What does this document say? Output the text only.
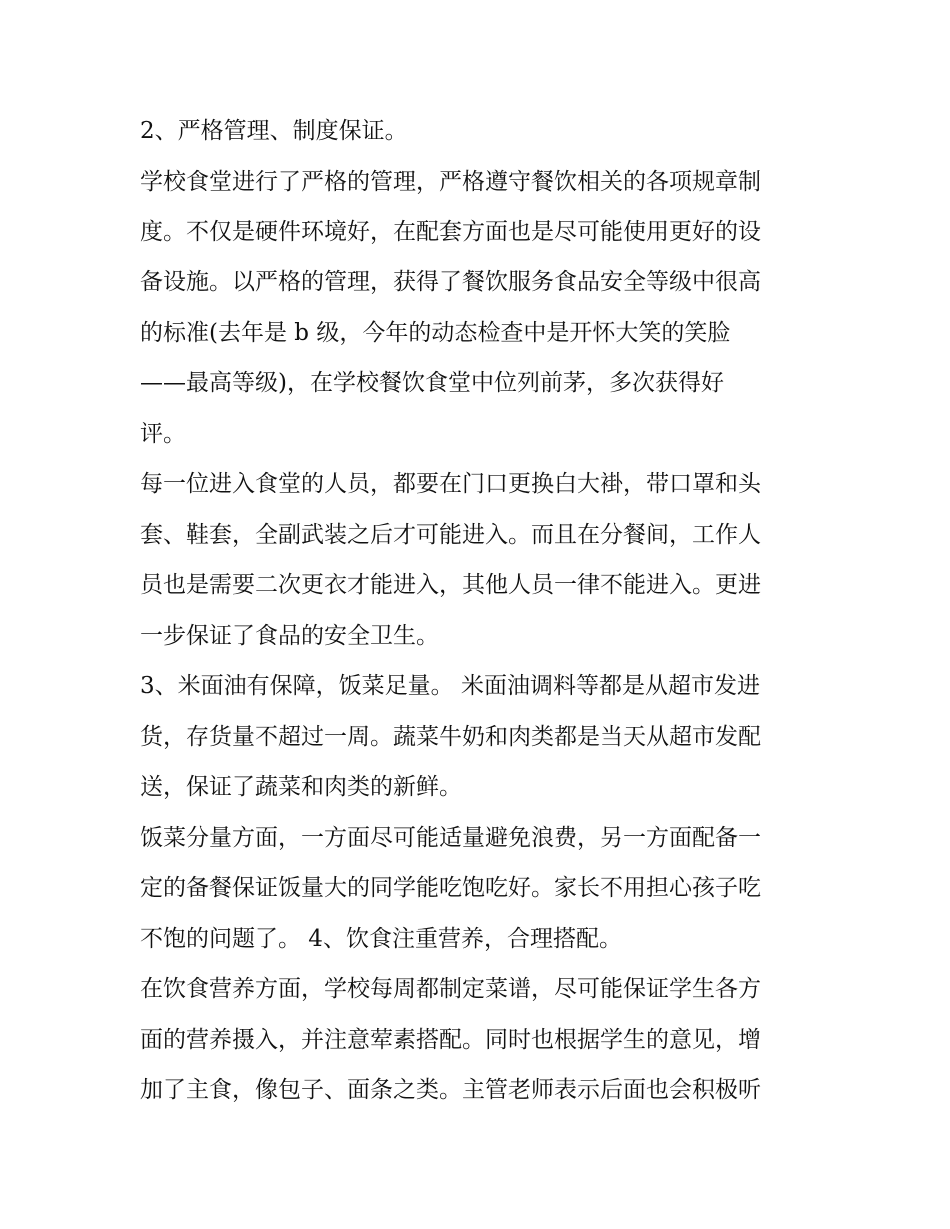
2、严格管理、制度保证。

学校食堂进行了严格的管理，严格遵守餐饮相关的各项规章制

度。不仅是硬件环境好，在配套方面也是尽可能使用更好的设

备设施。以严格的管理，获得了餐饮服务食品安全等级中很高

的标准(去年是 b 级，今年的动态检查中是开怀大笑的笑脸

——最高等级)，在学校餐饮食堂中位列前茅，多次获得好

评。

每一位进入食堂的人员，都要在门口更换白大褂，带口罩和头

套、鞋套，全副武装之后才可能进入。而且在分餐间，工作人

员也是需要二次更衣才能进入，其他人员一律不能进入。更进

一步保证了食品的安全卫生。

3、米面油有保障，饭菜足量。 米面油调料等都是从超市发进

货，存货量不超过一周。蔬菜牛奶和肉类都是当天从超市发配

送，保证了蔬菜和肉类的新鲜。

饭菜分量方面，一方面尽可能适量避免浪费，另一方面配备一

定的备餐保证饭量大的同学能吃饱吃好。家长不用担心孩子吃

不饱的问题了。 4、饮食注重营养，合理搭配。

在饮食营养方面，学校每周都制定菜谱，尽可能保证学生各方

面的营养摄入，并注意荤素搭配。同时也根据学生的意见，增

加了主食，像包子、面条之类。主管老师表示后面也会积极听
